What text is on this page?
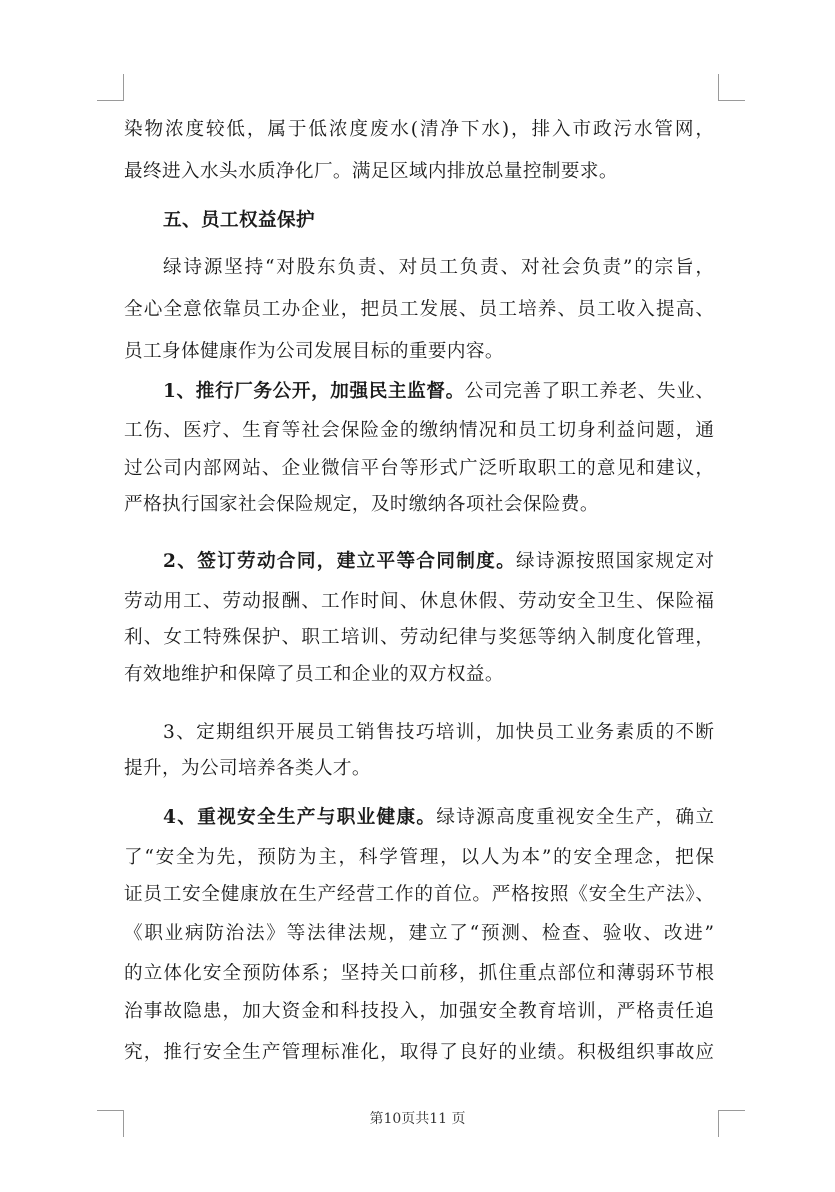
染物浓度较低，属于低浓度废水(清净下水)，排入市政污水管网，
最终进入水头水质净化厂。满足区域内排放总量控制要求。
五、员工权益保护
绿诗源坚持“对股东负责、对员工负责、对社会负责”的宗旨，
全心全意依靠员工办企业，把员工发展、员工培养、员工收入提高、
员工身体健康作为公司发展目标的重要内容。
1、推行厂务公开，加强民主监督。公司完善了职工养老、失业、
工伤、医疗、生育等社会保险金的缴纳情况和员工切身利益问题，通
过公司内部网站、企业微信平台等形式广泛听取职工的意见和建议，
严格执行国家社会保险规定，及时缴纳各项社会保险费。
2、签订劳动合同，建立平等合同制度。绿诗源按照国家规定对
劳动用工、劳动报酬、工作时间、休息休假、劳动安全卫生、保险福
利、女工特殊保护、职工培训、劳动纪律与奖惩等纳入制度化管理，
有效地维护和保障了员工和企业的双方权益。
3、定期组织开展员工销售技巧培训，加快员工业务素质的不断
提升，为公司培养各类人才。
4、重视安全生产与职业健康。绿诗源高度重视安全生产，确立
了“安全为先，预防为主，科学管理，以人为本”的安全理念，把保
证员工安全健康放在生产经营工作的首位。严格按照《安全生产法》、
《职业病防治法》等法律法规，建立了“预测、检查、验收、改进”
的立体化安全预防体系；坚持关口前移，抓住重点部位和薄弱环节根
治事故隐患，加大资金和科技投入，加强安全教育培训，严格责任追
究，推行安全生产管理标准化，取得了良好的业绩。积极组织事故应
第10页共11 页
